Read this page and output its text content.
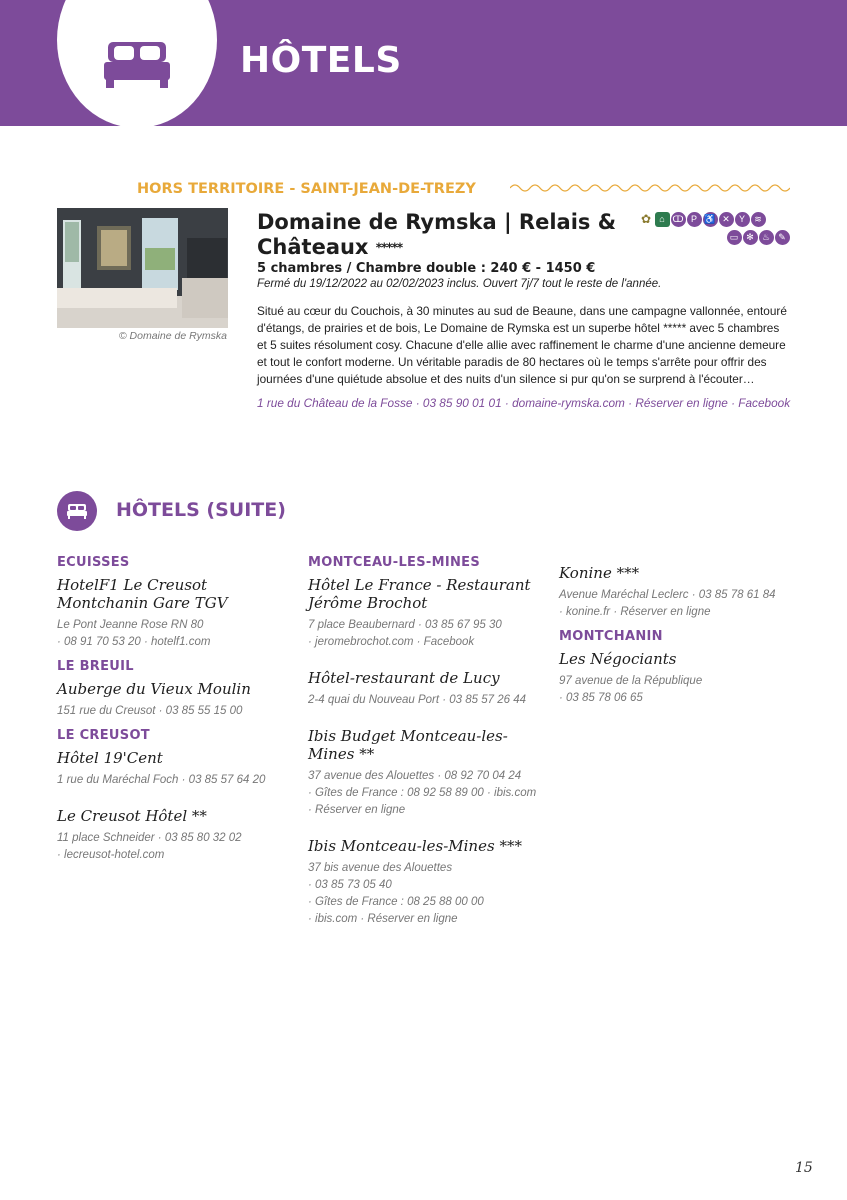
HÔTELS
HORS TERRITOIRE - SAINT-JEAN-DE-TREZY
© Domaine de Rymska
Domaine de Rymska | Relais & Châteaux *****
✿ ⌂ ↀ P ♿ ✕ Y ≋
▭ ✻ ♨ ✎
5 chambres / Chambre double : 240 € - 1450 €
Fermé du 19/12/2022 au 02/02/2023 inclus. Ouvert 7j/7 tout le reste de l'année.
Situé au cœur du Couchois, à 30 minutes au sud de Beaune, dans une campagne vallonnée, entouré d'étangs, de prairies et de bois, Le Domaine de Rymska est un superbe hôtel ***** avec 5 chambres et 5 suites résolument cosy. Chacune d'elle allie avec raffinement le charme d'une ancienne demeure et tout le confort moderne. Un véritable paradis de 80 hectares où le temps s'arrête pour offrir des journées d'une quiétude absolue et des nuits d'un silence si pur qu'on se surprend à l'écouter…
1 rue du Château de la Fosse · 03 85 90 01 01 · domaine-rymska.com · Réserver en ligne · Facebook
HÔTELS (SUITE)
ECUISSES
HotelF1 Le Creusot Montchanin Gare TGV
Le Pont Jeanne Rose RN 80
· 08 91 70 53 20 · hotelf1.com
LE BREUIL
Auberge du Vieux Moulin
151 rue du Creusot · 03 85 55 15 00
LE CREUSOT
Hôtel 19'Cent
1 rue du Maréchal Foch · 03 85 57 64 20
Le Creusot Hôtel **
11 place Schneider · 03 85 80 32 02
· lecreusot-hotel.com
MONTCEAU-LES-MINES
Hôtel Le France - Restaurant Jérôme Brochot
7 place Beaubernard · 03 85 67 95 30
· jeromebrochot.com · Facebook
Hôtel-restaurant de Lucy
2-4 quai du Nouveau Port · 03 85 57 26 44
Ibis Budget Montceau-les-Mines **
37 avenue des Alouettes · 08 92 70 04 24
· Gîtes de France : 08 92 58 89 00 · ibis.com
· Réserver en ligne
Ibis Montceau-les-Mines ***
37 bis avenue des Alouettes
· 03 85 73 05 40
· Gîtes de France : 08 25 88 00 00
· ibis.com · Réserver en ligne
Konine ***
Avenue Maréchal Leclerc · 03 85 78 61 84
· konine.fr · Réserver en ligne
MONTCHANIN
Les Négociants
97 avenue de la République
· 03 85 78 06 65
15
